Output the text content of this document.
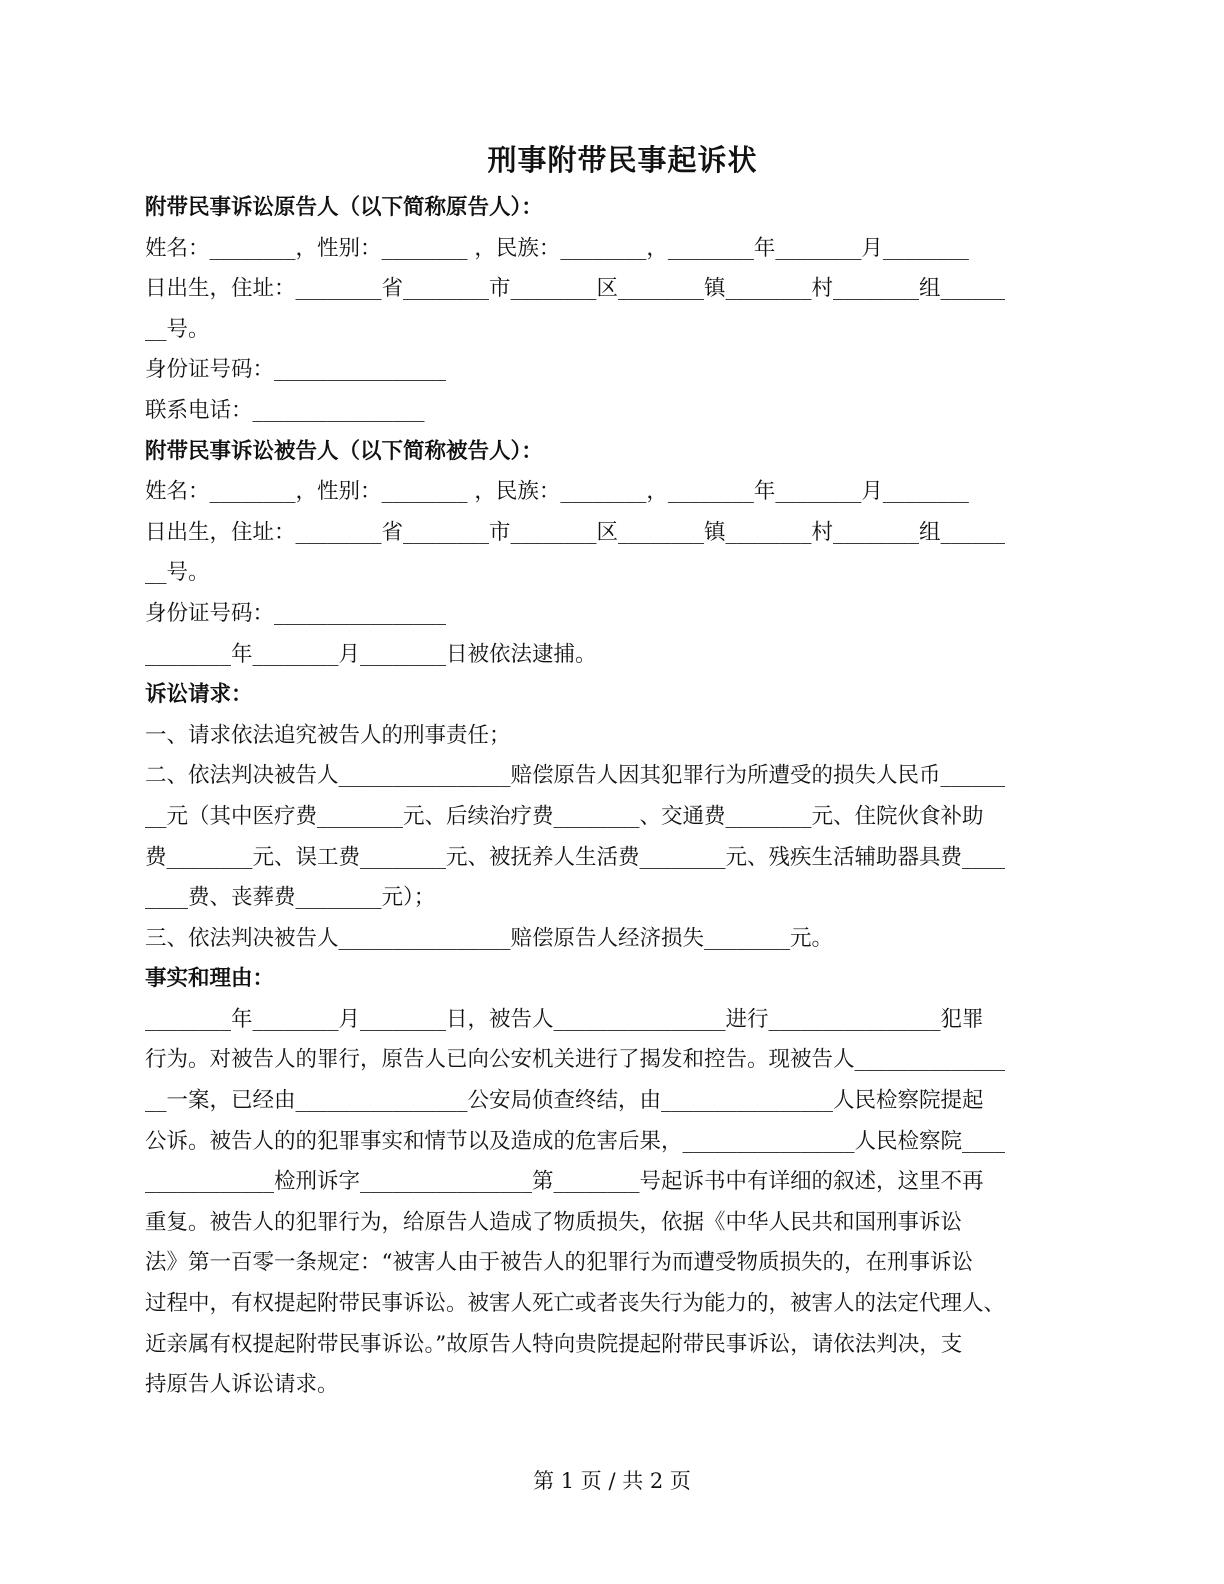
刑事附带民事起诉状
附带民事诉讼原告人（以下简称原告人）：
姓名：________，性别：________ ，民族：________，________年________月________
日出生，住址：________省________市________区________镇________村________组______
__号。
身份证号码：________________
联系电话：________________
附带民事诉讼被告人（以下简称被告人）：
姓名：________，性别：________ ，民族：________，________年________月________
日出生，住址：________省________市________区________镇________村________组______
__号。
身份证号码：________________
________年________月________日被依法逮捕。
诉讼请求：
一、请求依法追究被告人的刑事责任；
二、依法判决被告人________________赔偿原告人因其犯罪行为所遭受的损失人民币______
__元（其中医疗费________元、后续治疗费________、交通费________元、住院伙食补助
费________元、误工费________元、被抚养人生活费________元、残疾生活辅助器具费____
____费、丧葬费________元）；
三、依法判决被告人________________赔偿原告人经济损失________元。
事实和理由：
________年________月________日，被告人________________进行________________犯罪
行为。对被告人的罪行，原告人已向公安机关进行了揭发和控告。现被告人______________
__一案，已经由________________公安局侦查终结，由________________人民检察院提起
公诉。被告人的的犯罪事实和情节以及造成的危害后果，________________人民检察院____
____________检刑诉字________________第________号起诉书中有详细的叙述，这里不再
重复。被告人的犯罪行为，给原告人造成了物质损失，依据《中华人民共和国刑事诉讼
法》第一百零一条规定：“被害人由于被告人的犯罪行为而遭受物质损失的，在刑事诉讼
过程中，有权提起附带民事诉讼。被害人死亡或者丧失行为能力的，被害人的法定代理人、
近亲属有权提起附带民事诉讼。”故原告人特向贵院提起附带民事诉讼，请依法判决，支
持原告人诉讼请求。
第 1 页 / 共 2 页
